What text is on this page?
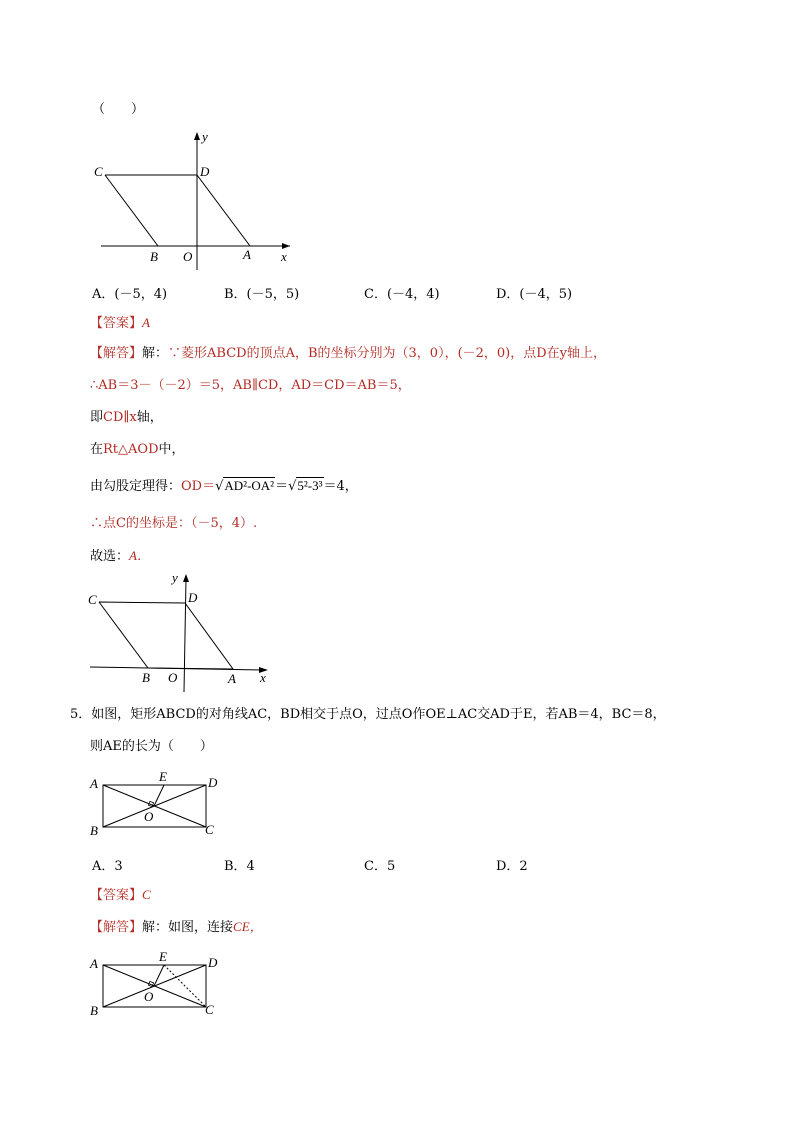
（　　）
C	D
B O	A x
y
A．(－5，4)	B．(－5，5)	C．(－4，4)	D．(－4，5)
【答案】A
【解答】解：∵菱形ABCD的顶点A，B的坐标分别为（3，0），(－2，0)，点D在y轴上，
∴AB＝3－（－2）＝5，AB∥CD，AD＝CD＝AB＝5，
即CD∥x轴，
在Rt△AOD中，
由勾股定理得：OD＝√AD²-OA²＝√5²-3³＝4，
∴点C的坐标是：（－5，4）.
故选：A．
C	D
B O	A x
y
5．如图，矩形ABCD的对角线AC，BD相交于点O，过点O作OE⊥AC交AD于E，若AB＝4，BC＝8，
则AE的长为（　　）
A	E	D
O
B	C
A．3	B．4	C．5	D．2
【答案】C
【解答】解：如图，连接CE，
A	E	D
O
B	C
